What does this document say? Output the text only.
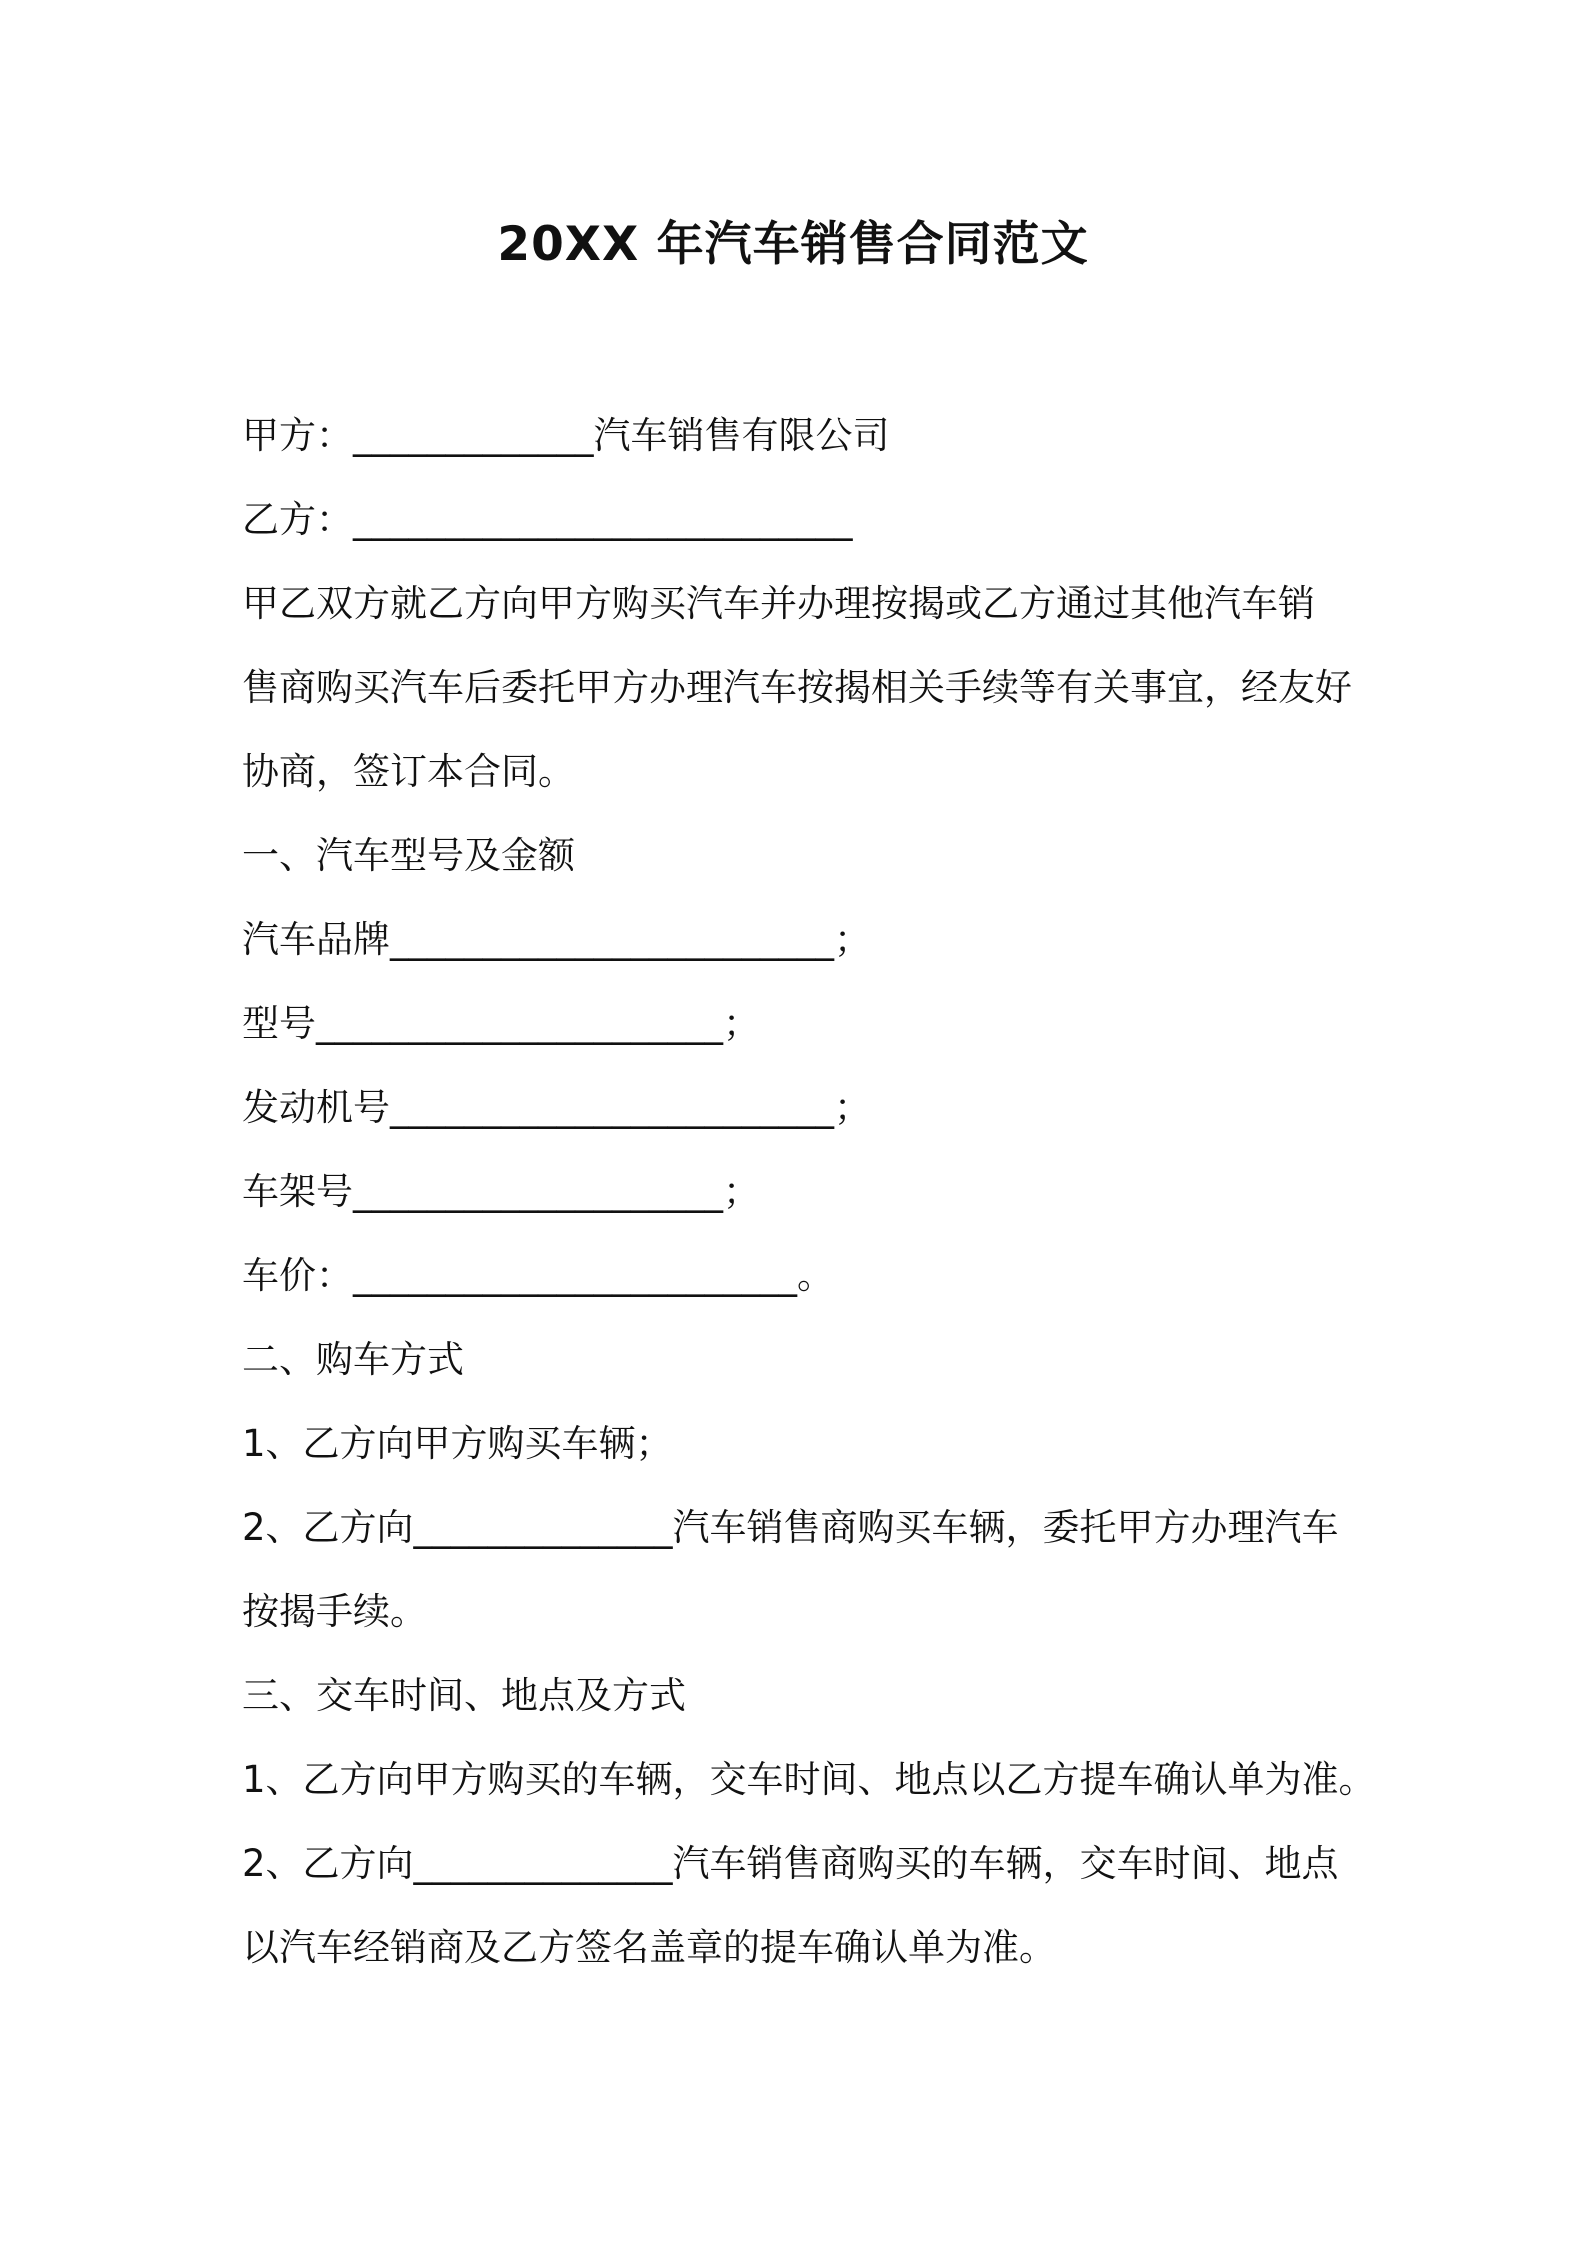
20XX 年汽车销售合同范文
甲方：_____________汽车销售有限公司
乙方：___________________________
甲乙双方就乙方向甲方购买汽车并办理按揭或乙方通过其他汽车销
售商购买汽车后委托甲方办理汽车按揭相关手续等有关事宜，经友好
协商，签订本合同。
一、汽车型号及金额
汽车品牌________________________；
型号______________________；
发动机号________________________；
车架号____________________；
车价：________________________。
二、购车方式
1、乙方向甲方购买车辆；
2、乙方向______________汽车销售商购买车辆，委托甲方办理汽车
按揭手续。
三、交车时间、地点及方式
1、乙方向甲方购买的车辆，交车时间、地点以乙方提车确认单为准。
2、乙方向______________汽车销售商购买的车辆，交车时间、地点
以汽车经销商及乙方签名盖章的提车确认单为准。
